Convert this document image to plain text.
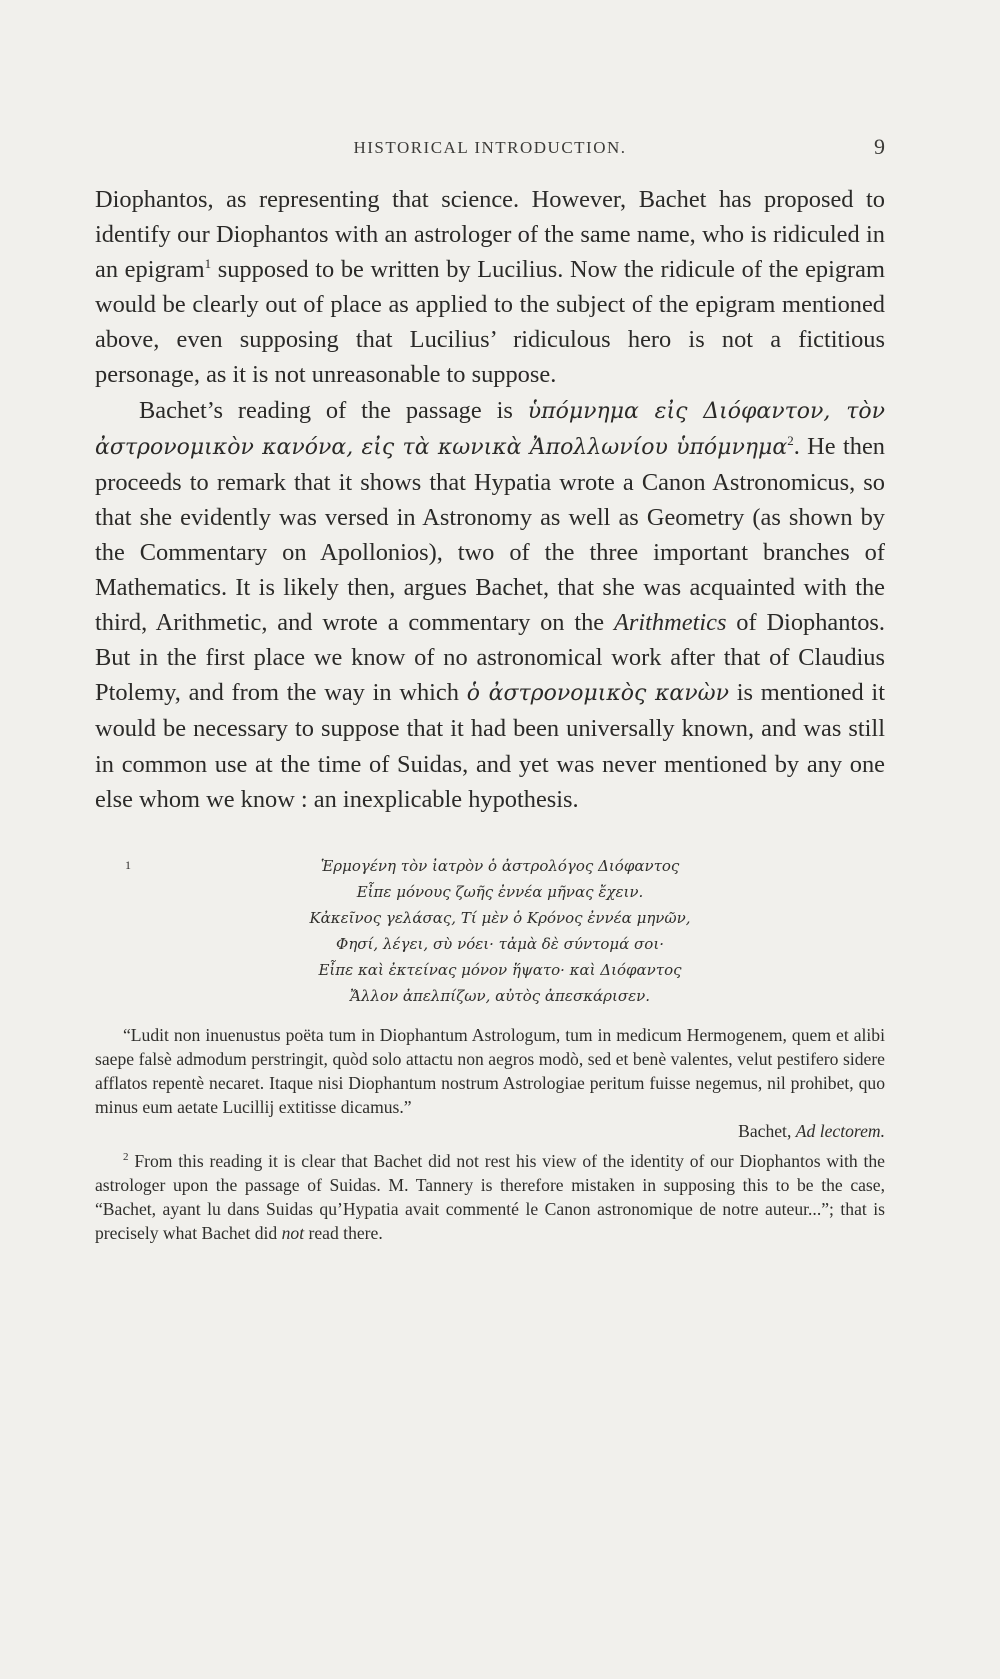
HISTORICAL INTRODUCTION.	9

Diophantos, as representing that science. However, Bachet has proposed to identify our Diophantos with an astrologer of the same name, who is ridiculed in an epigram$^1$ supposed to be written by Lucilius. Now the ridicule of the epigram would be clearly out of place as applied to the subject of the epigram mentioned above, even supposing that Lucilius’ ridiculous hero is not a fictitious personage, as it is not unreasonable to suppose.

Bachet’s reading of the passage is ὑπόμνημα εἰς Διόφαντον, τὸν ἀστρονομικὸν κανόνα, εἰς τὰ κωνικὰ Ἀπολλωνίου ὑπόμνημα$^2$. He then proceeds to remark that it shows that Hypatia wrote a Canon Astronomicus, so that she evidently was versed in Astronomy as well as Geometry (as shown by the Commentary on Apollonios), two of the three important branches of Mathematics. It is likely then, argues Bachet, that she was acquainted with the third, Arithmetic, and wrote a commentary on the Arithmetics of Diophantos. But in the first place we know of no astronomical work after that of Claudius Ptolemy, and from the way in which ὁ ἀστρονομικὸς κανὼν is mentioned it would be necessary to suppose that it had been universally known, and was still in common use at the time of Suidas, and yet was never mentioned by any one else whom we know : an inexplicable hypothesis.

1	Ἑρμογένη τὸν ἰατρὸν ὁ ἀστρολόγος Διόφαντος
Εἶπε μόνους ζωῆς ἐννέα μῆνας ἔχειν.
Κἀκεῖνος γελάσας, Τί μὲν ὁ Κρόνος ἐννέα μηνῶν,
Φησί, λέγει, σὺ νόει· τἀμὰ δὲ σύντομά σοι·
Εἶπε καὶ ἐκτείνας μόνον ἥψατο· καὶ Διόφαντος
Ἄλλον ἀπελπίζων, αὐτὸς ἀπεσκάρισεν.

“Ludit non inuenustus poëta tum in Diophantum Astrologum, tum in medicum Hermogenem, quem et alibi saepe falsè admodum perstringit, quòd solo attactu non aegros modò, sed et benè valentes, velut pestifero sidere afflatos repentè necaret. Itaque nisi Diophantum nostrum Astrologiae peritum fuisse negemus, nil prohibet, quo minus eum aetate Lucillij extitisse dicamus.”

Bachet, Ad lectorem.
$^2$ From this reading it is clear that Bachet did not rest his view of the identity of our Diophantos with the astrologer upon the passage of Suidas. M. Tannery is therefore mistaken in supposing this to be the case, “Bachet, ayant lu dans Suidas qu’Hypatia avait commenté le Canon astronomique de notre auteur...”; that is precisely what Bachet did not read there.
